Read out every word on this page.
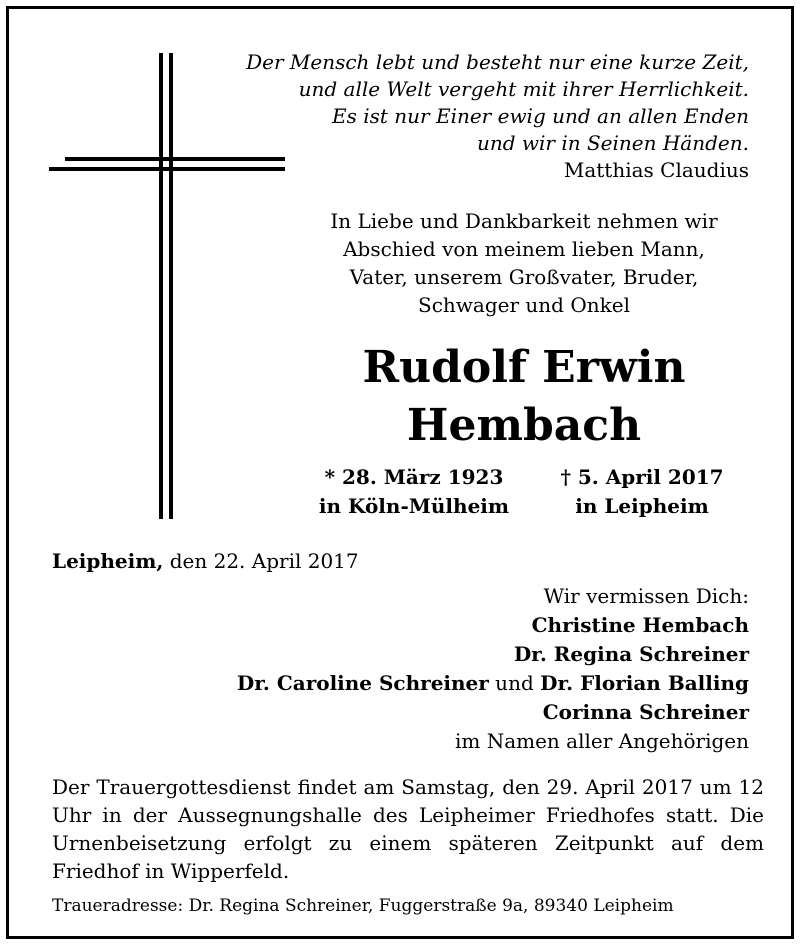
Der Mensch lebt und besteht nur eine kurze Zeit,
und alle Welt vergeht mit ihrer Herrlichkeit.
Es ist nur Einer ewig und an allen Enden
und wir in Seinen Händen.
Matthias Claudius
In Liebe und Dankbarkeit nehmen wir
Abschied von meinem lieben Mann,
Vater, unserem Großvater, Bruder,
Schwager und Onkel
Rudolf Erwin
Hembach
* 28. März 1923
in Köln-Mülheim
† 5. April 2017
in Leipheim
Leipheim, den 22. April 2017
Wir vermissen Dich:
Christine Hembach
Dr. Regina Schreiner
Dr. Caroline Schreiner und Dr. Florian Balling
Corinna Schreiner
im Namen aller Angehörigen
Der Trauergottesdienst findet am Samstag, den 29. April 2017 um 12 Uhr in der Aussegnungshalle des Leipheimer Friedhofes statt. Die Urnenbeisetzung erfolgt zu einem späteren Zeitpunkt auf dem Friedhof in Wipperfeld.
Traueradresse: Dr. Regina Schreiner, Fuggerstraße 9a, 89340 Leipheim
